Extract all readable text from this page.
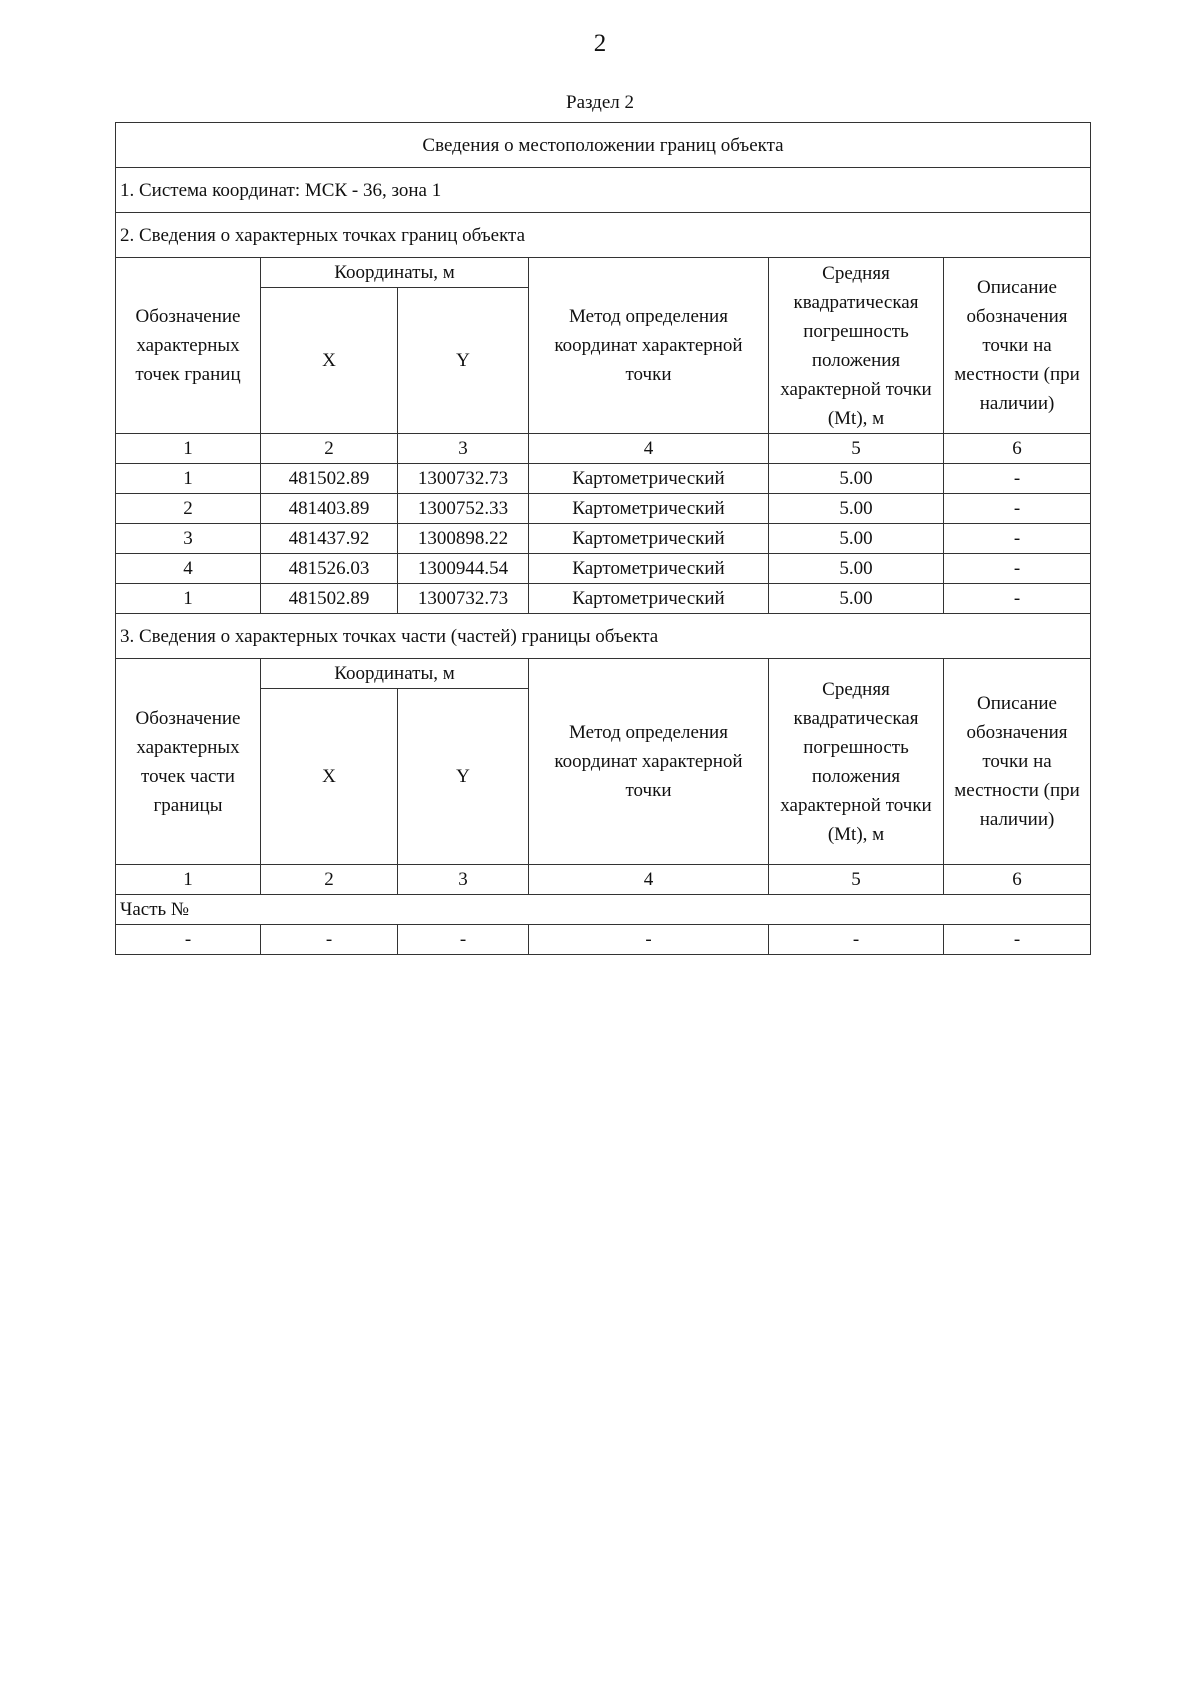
2
Раздел 2
Сведения о местоположении границ объекта					
1. Система координат: МСК - 36, зона 1					
2. Сведения о характерных точках границ объекта					
Обозначение характерных точек границ	Координаты, м		Метод определения координат характерной точки	Средняя квадратическая погрешность положения характерной точки (Mt), м	Описание обозначения точки на местности (при наличии)
	X	Y			
1	2	3	4	5	6
1	481502.89	1300732.73	Картометрический	5.00	-
2	481403.89	1300752.33	Картометрический	5.00	-
3	481437.92	1300898.22	Картометрический	5.00	-
4	481526.03	1300944.54	Картометрический	5.00	-
1	481502.89	1300732.73	Картометрический	5.00	-
3. Сведения о характерных точках части (частей) границы объекта					
Обозначение характерных точек части границы	Координаты, м		Метод определения координат характерной точки	Средняя квадратическая погрешность положения характерной точки (Mt), м	Описание обозначения точки на местности (при наличии)
	X	Y			
1	2	3	4	5	6
Часть №					
-	-	-	-	-	-
